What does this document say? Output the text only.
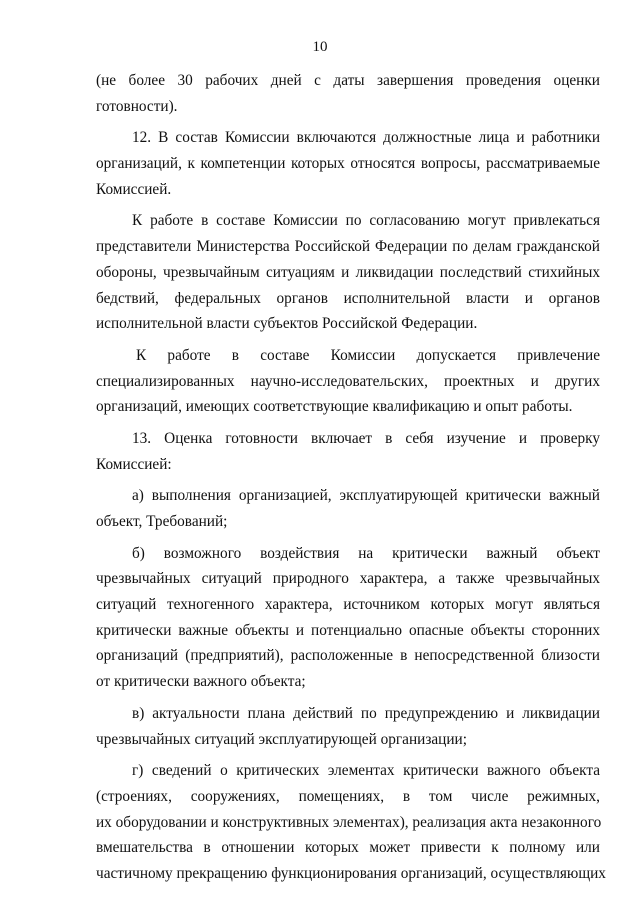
10
(не более 30 рабочих дней с даты завершения проведения оценки
готовности).
12. В состав Комиссии включаются должностные лица и работники
организаций, к компетенции которых относятся вопросы, рассматриваемые
Комиссией.
К работе в составе Комиссии по согласованию могут привлекаться
представители Министерства Российской Федерации по делам гражданской
обороны, чрезвычайным ситуациям и ликвидации последствий стихийных
бедствий, федеральных органов исполнительной власти и органов
исполнительной власти субъектов Российской Федерации.
К работе в составе Комиссии допускается привлечение
специализированных научно-исследовательских, проектных и других
организаций, имеющих соответствующие квалификацию и опыт работы.
13. Оценка готовности включает в себя изучение и проверку
Комиссией:
а) выполнения организацией, эксплуатирующей критически важный
объект, Требований;
б) возможного воздействия на критически важный объект
чрезвычайных ситуаций природного характера, а также чрезвычайных
ситуаций техногенного характера, источником которых могут являться
критически важные объекты и потенциально опасные объекты сторонних
организаций (предприятий), расположенные в непосредственной близости
от критически важного объекта;
в) актуальности плана действий по предупреждению и ликвидации
чрезвычайных ситуаций эксплуатирующей организации;
г) сведений о критических элементах критически важного объекта
(строениях, сооружениях, помещениях, в том числе режимных,
их оборудовании и конструктивных элементах), реализация акта незаконного
вмешательства в отношении которых может привести к полному или
частичному прекращению функционирования организаций, осуществляющих
